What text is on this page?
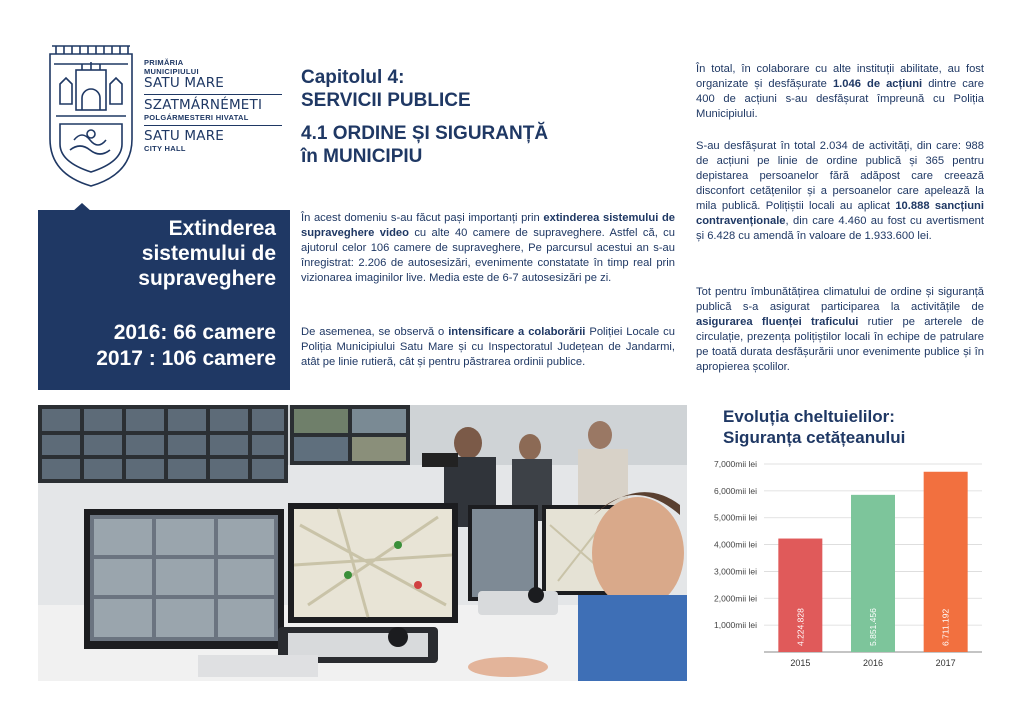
PRIMĂRIA
MUNICIPIULUI
SATU MARE
SZATMÁRNÉMETI
POLGÁRMESTERI HIVATAL
SATU MARE
CITY HALL
Extinderea
sistemului de
supraveghere
2016: 66 camere
2017 : 106 camere
Capitolul 4:
SERVICII PUBLICE
4.1 ORDINE ȘI SIGURANȚĂ
în MUNICIPIU

În acest domeniu s-au făcut pași importanți prin extinderea sistemului de supraveghere video cu alte 40 camere de supraveghere. Astfel că, cu ajutorul celor 106 camere de supraveghere, Pe parcursul acestui an s-au înregistrat: 2.206 de autosesizări, evenimente constatate în timp real prin vizionarea imaginilor live. Media este de 6-7 autosesizări pe zi.

De asemenea, se observă o intensificare a colaborării Poliției Locale cu Poliția Municipiului Satu Mare și cu Inspectoratul Județean de Jandarmi, atât pe linie rutieră, cât și pentru păstrarea ordinii publice.

În total, în colaborare cu alte instituții abilitate, au fost organizate și desfășurate 1.046 de acțiuni dintre care 400 de acțiuni s-au desfășurat împreună cu Poliția Municipiului.

S-au desfășurat în total 2.034 de activități, din care: 988 de acțiuni pe linie de ordine publică și 365 pentru depistarea persoanelor fără adăpost care creează disconfort cetățenilor și a persoanelor care apelează la mila publică. Polițiștii locali au aplicat 10.888 sancțiuni contravenționale, din care 4.460 au fost cu avertisment și 6.428 cu amendă în valoare de 1.933.600 lei.

Tot pentru îmbunătățirea climatului de ordine și siguranță publică s-a asigurat participarea la activitățile de asigurarea fluenței traficului rutier pe arterele de circulație, prezența polițiștilor locali în echipe de patrulare pe toată durata desfășurării unor evenimente publice și în apropierea școlilor.

Evoluția cheltuielilor:
Siguranța cetățeanului
1,000mii lei
2,000mii lei
3,000mii lei
4,000mii lei
5,000mii lei
6,000mii lei
7,000mii lei
4.224.828
2015
5.851.456
2016
6.711.192
2017
